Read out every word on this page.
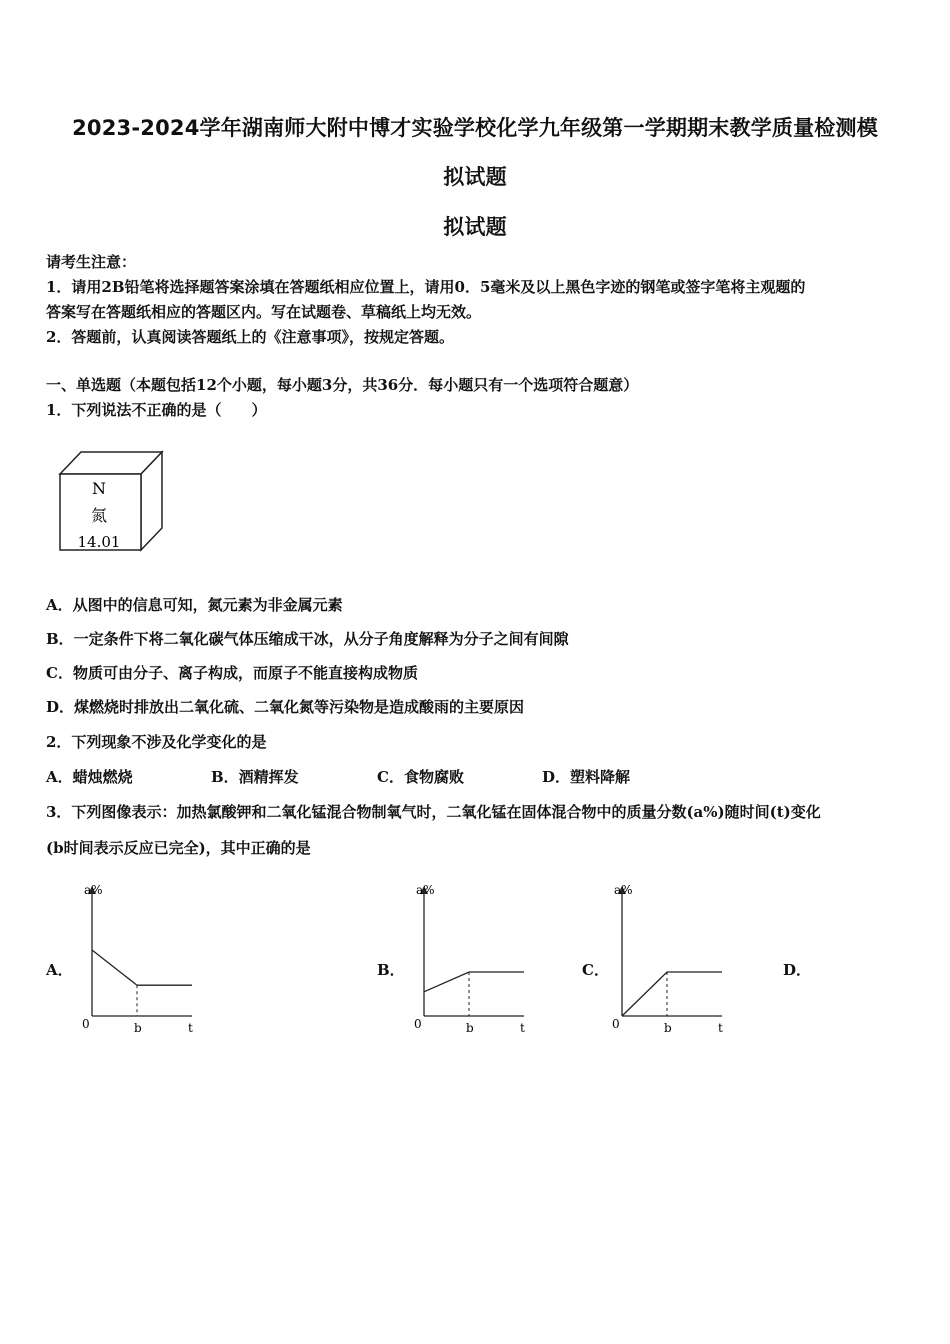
2023-2024学年湖南师大附中博才实验学校化学九年级第一学期期末教学质量检测模
拟试题
拟试题
请考生注意：
1．请用2B铅笔将选择题答案涂填在答题纸相应位置上，请用0．5毫米及以上黑色字迹的钢笔或签字笔将主观题的
答案写在答题纸相应的答题区内。写在试题卷、草稿纸上均无效。
2．答题前，认真阅读答题纸上的《注意事项》，按规定答题。
一、单选题（本题包括12个小题，每小题3分，共36分．每小题只有一个选项符合题意）
1．下列说法不正确的是（　　）
N
氮
14.01
A．从图中的信息可知，氮元素为非金属元素
B．一定条件下将二氧化碳气体压缩成干冰，从分子角度解释为分子之间有间隙
C．物质可由分子、离子构成，而原子不能直接构成物质
D．煤燃烧时排放出二氧化硫、二氧化氮等污染物是造成酸雨的主要原因
2．下列现象不涉及化学变化的是
A．蜡烛燃烧	B．酒精挥发	C．食物腐败	D．塑料降解
3．下列图像表示：加热氯酸钾和二氧化锰混合物制氧气时，二氧化锰在固体混合物中的质量分数(a%)随时间(t)变化
(b时间表示反应已完全)，其中正确的是
A．	B．	C．	D．
a%
0	b	t
a%
0	b	t
a%
0	b	t
